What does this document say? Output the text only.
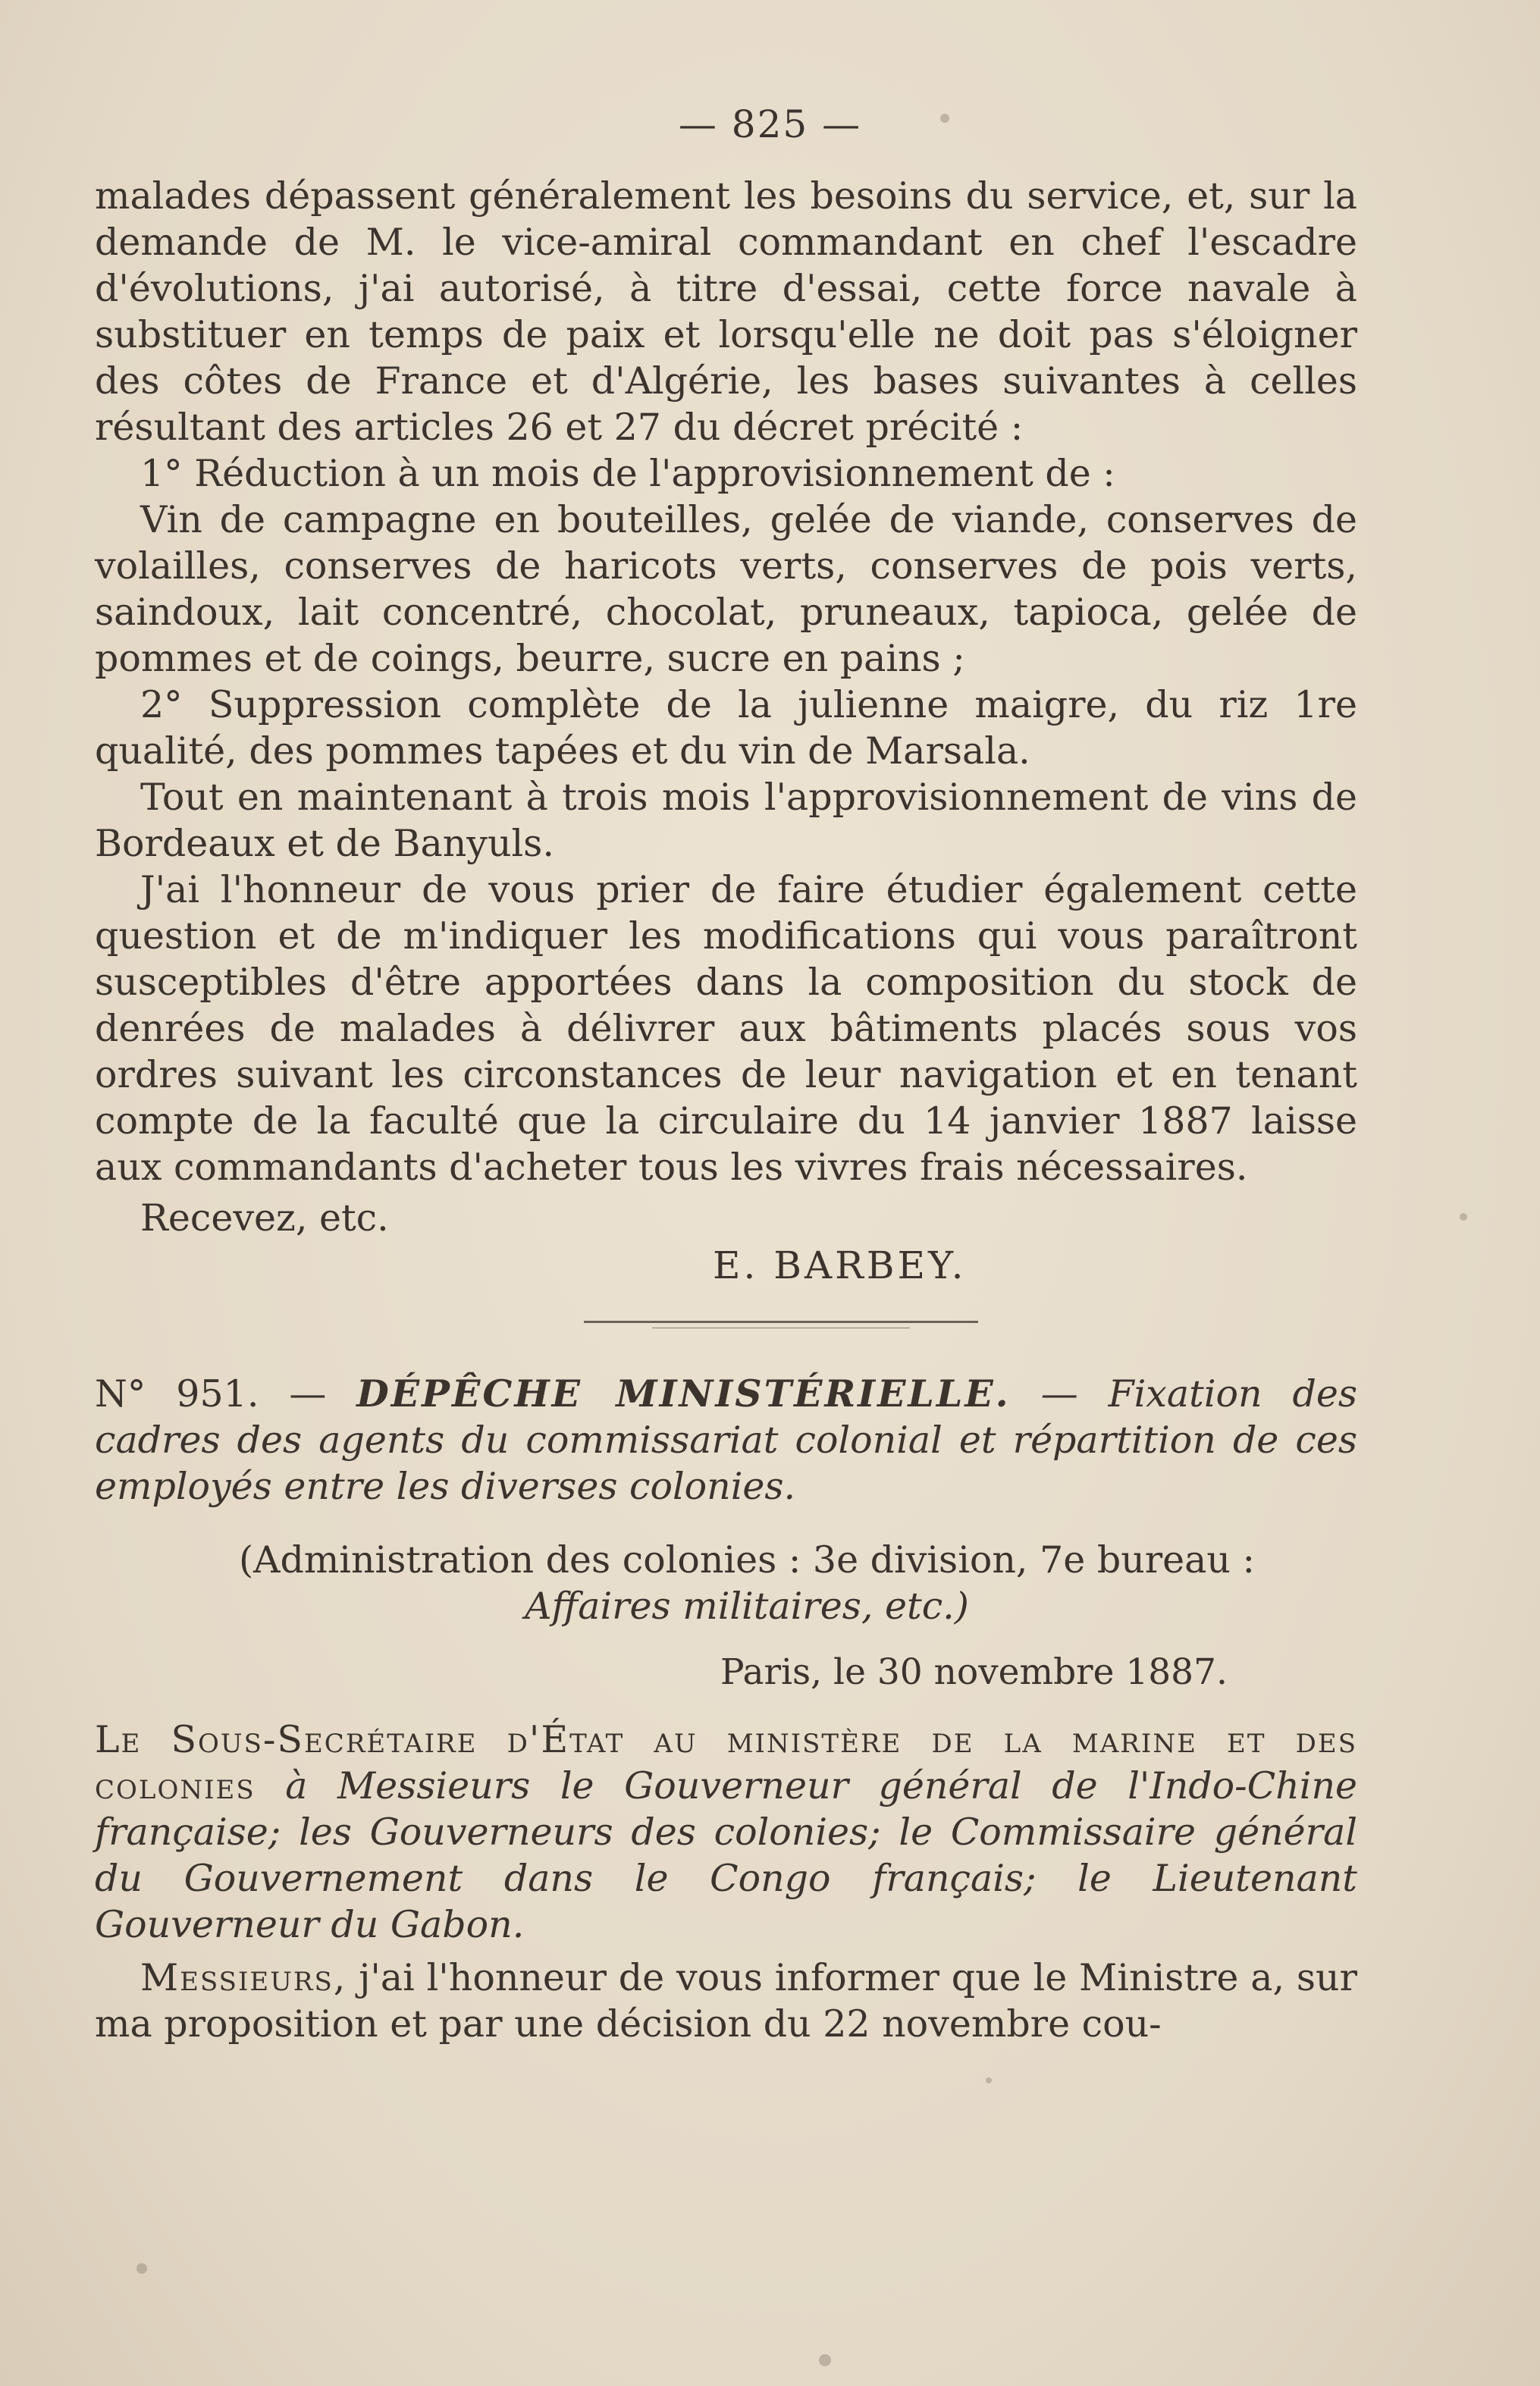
— 825 —

malades dépassent généralement les besoins du service, et, sur la demande de M. le vice-amiral commandant en chef l'escadre d'évolutions, j'ai autorisé, à titre d'essai, cette force navale à substituer en temps de paix et lorsqu'elle ne doit pas s'éloigner des côtes de France et d'Algérie, les bases suivantes à celles résultant des articles 26 et 27 du décret précité :

1° Réduction à un mois de l'approvisionnement de :

Vin de campagne en bouteilles, gelée de viande, conserves de volailles, conserves de haricots verts, conserves de pois verts, saindoux, lait concentré, chocolat, pruneaux, tapioca, gelée de pommes et de coings, beurre, sucre en pains ;

2° Suppression complète de la julienne maigre, du riz 1re qualité, des pommes tapées et du vin de Marsala.

Tout en maintenant à trois mois l'approvisionnement de vins de Bordeaux et de Banyuls.

J'ai l'honneur de vous prier de faire étudier également cette question et de m'indiquer les modifications qui vous paraîtront susceptibles d'être apportées dans la composition du stock de denrées de malades à délivrer aux bâtiments placés sous vos ordres suivant les circonstances de leur navigation et en tenant compte de la faculté que la circulaire du 14 janvier 1887 laisse aux commandants d'acheter tous les vivres frais nécessaires.

Recevez, etc.

E. BARBEY.

N° 951. — DÉPÊCHE MINISTÉRIELLE. — Fixation des cadres des agents du commissariat colonial et répartition de ces employés entre les diverses colonies.

(Administration des colonies : 3e division, 7e bureau :
Affaires militaires, etc.)
Paris, le 30 novembre 1887.

Le Sous-Secrétaire d'État au ministère de la marine et des colonies à Messieurs le Gouverneur général de l'Indo-Chine française; les Gouverneurs des colonies; le Commissaire général du Gouvernement dans le Congo français; le Lieutenant Gouverneur du Gabon.

Messieurs, j'ai l'honneur de vous informer que le Ministre a, sur ma proposition et par une décision du 22 novembre cou-
